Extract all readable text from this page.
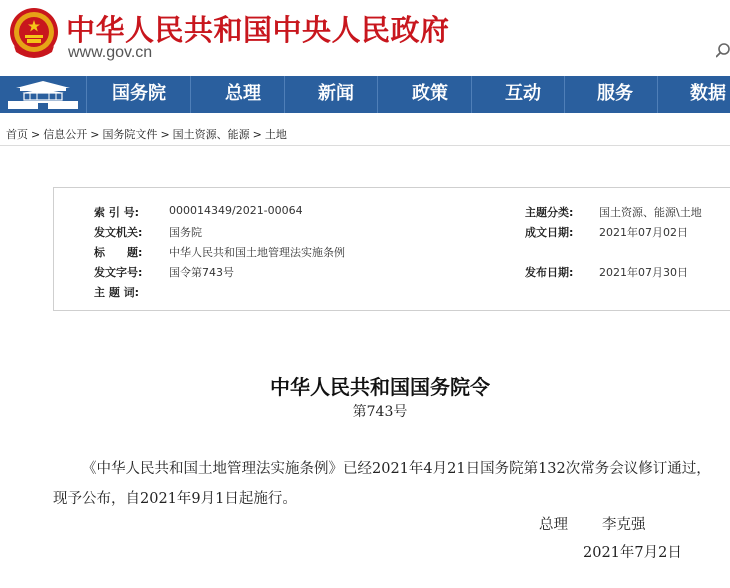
中华人民共和国中央人民政府
www.gov.cn
国务院	总理	新闻	政策	互动	服务	数据
首页 > 信息公开 > 国务院文件 > 国土资源、能源 > 土地
索 引 号:	000014349/2021-00064	主题分类: 国土资源、能源\土地
发文机关: 国务院	成文日期: 2021年07月02日
标　　题: 中华人民共和国土地管理法实施条例
发文字号: 国令第743号	发布日期: 2021年07月30日
主 题 词:
中华人民共和国国务院令
第743号
《中华人民共和国土地管理法实施条例》已经2021年4月21日国务院第132次常务会议修订通过，现予公布，自2021年9月1日起施行。
总理 李克强
2021年7月2日
